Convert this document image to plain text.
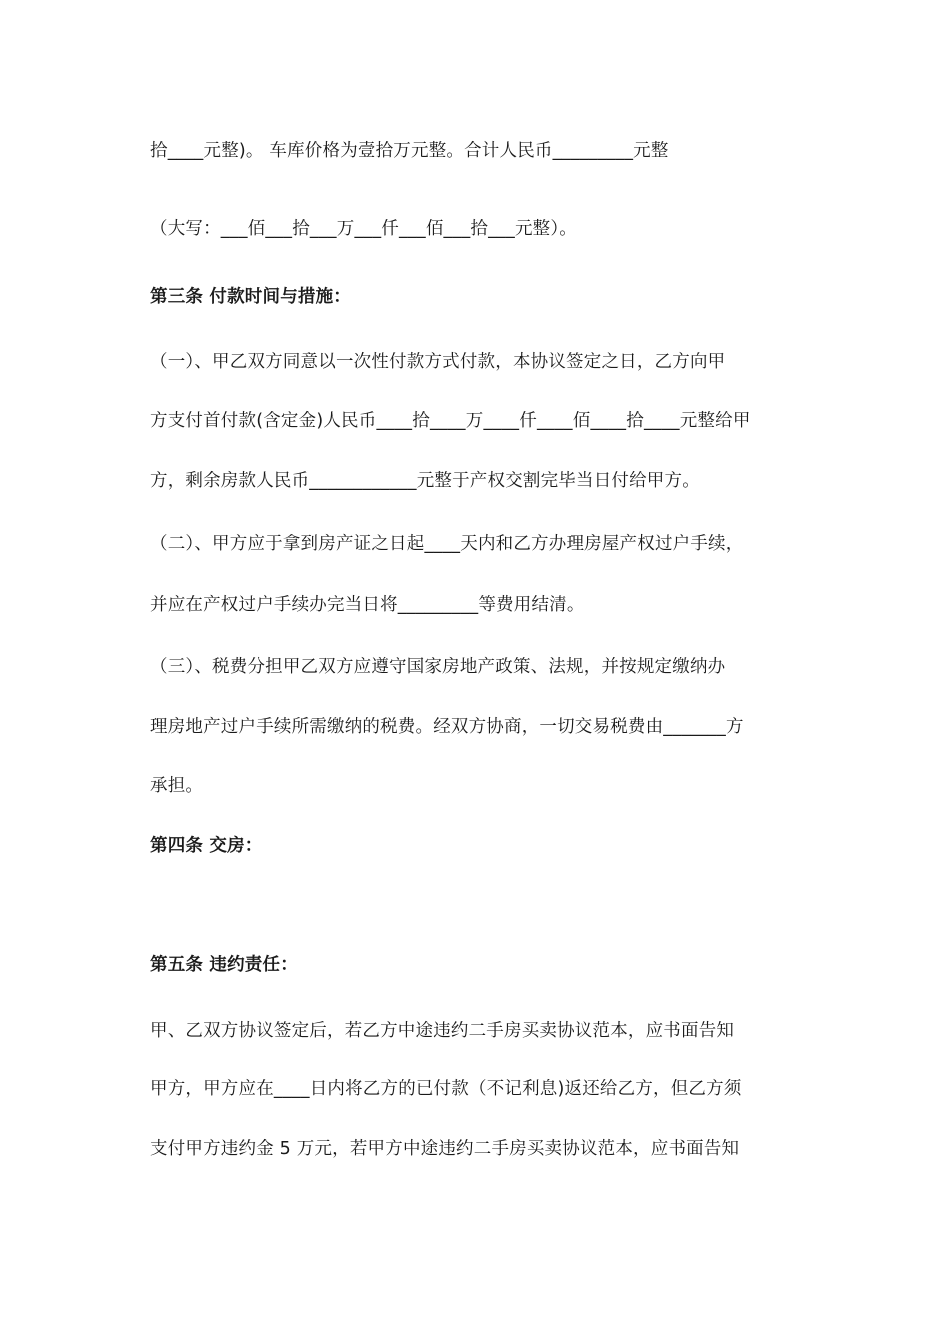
拾____元整)。 车库价格为壹拾万元整。合计人民币_________元整
（大写：___佰___拾___万___仟___佰___拾___元整）。
第三条 付款时间与措施：
（一）、甲乙双方同意以一次性付款方式付款，本协议签定之日，乙方向甲
方支付首付款(含定金)人民币____拾____万____仟____佰____拾____元整给甲
方，剩余房款人民币____________元整于产权交割完毕当日付给甲方。
（二）、甲方应于拿到房产证之日起____天内和乙方办理房屋产权过户手续，
并应在产权过户手续办完当日将_________等费用结清。
（三）、税费分担甲乙双方应遵守国家房地产政策、法规，并按规定缴纳办
理房地产过户手续所需缴纳的税费。经双方协商，一切交易税费由_______方
承担。
第四条 交房：
第五条 违约责任：
甲、乙双方协议签定后，若乙方中途违约二手房买卖协议范本，应书面告知
甲方，甲方应在____日内将乙方的已付款（不记利息)返还给乙方，但乙方须
支付甲方违约金 5 万元，若甲方中途违约二手房买卖协议范本，应书面告知
